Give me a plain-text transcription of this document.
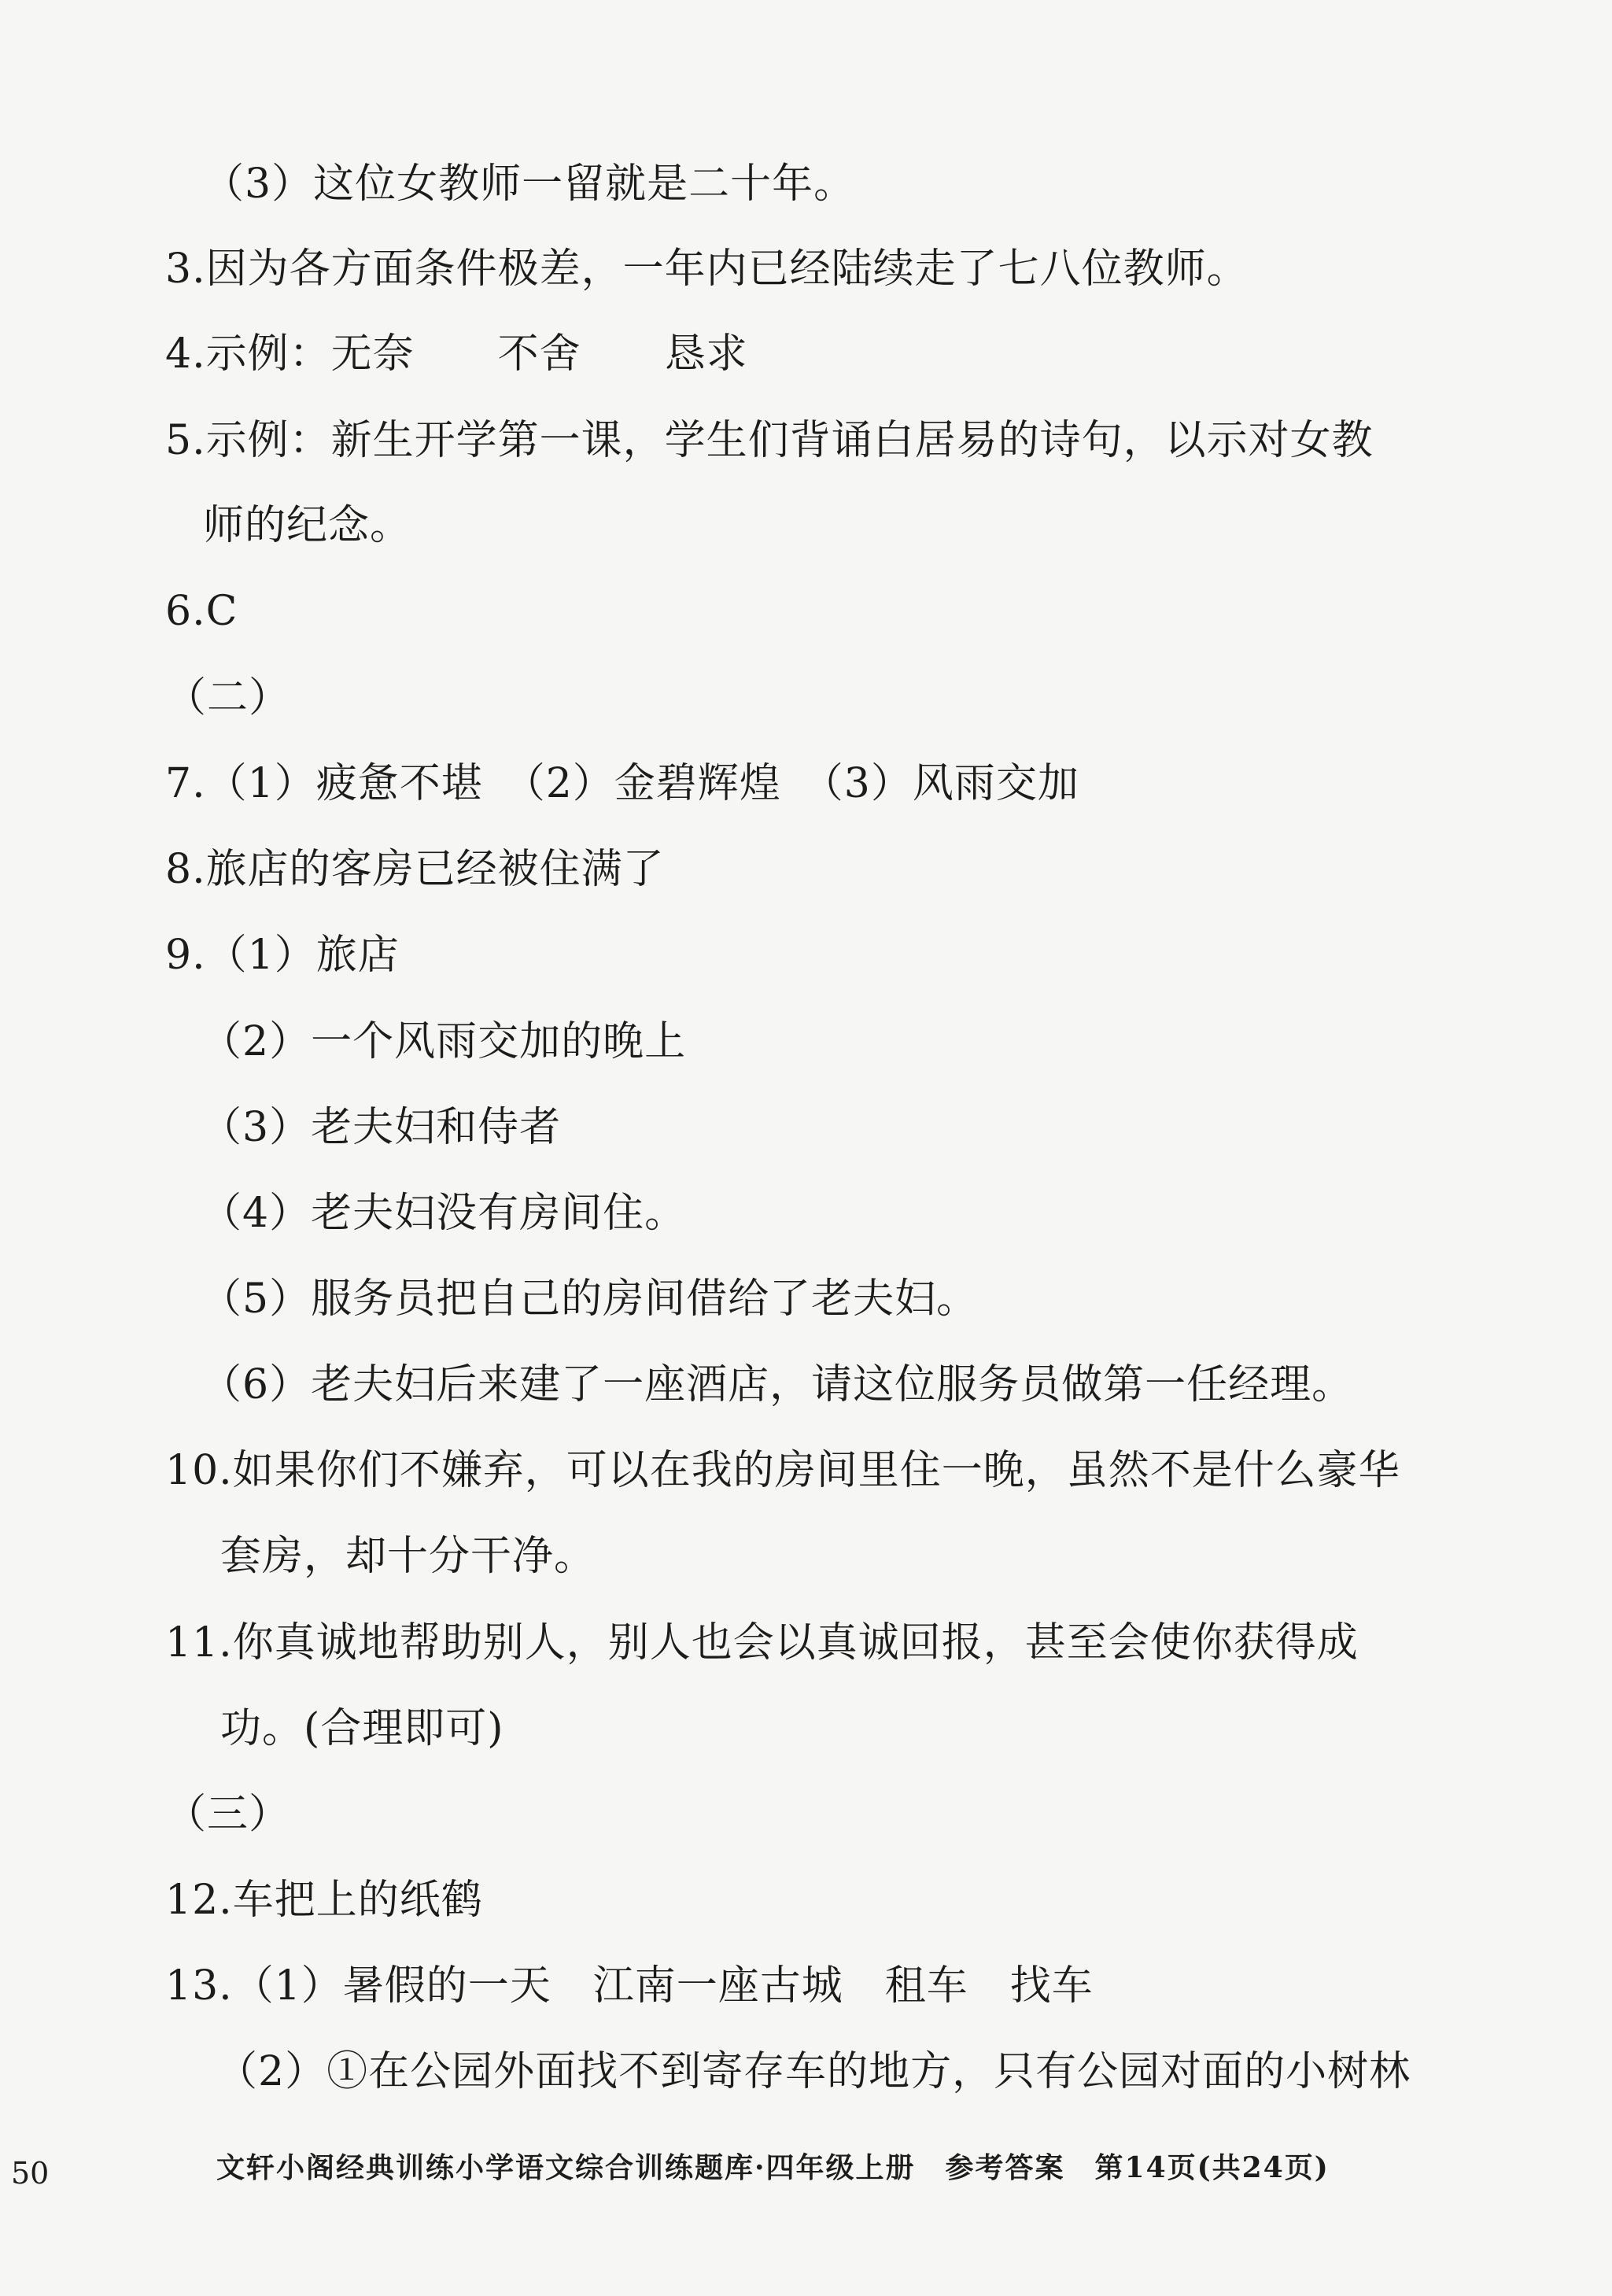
（3）这位女教师一留就是二十年。
3.因为各方面条件极差，一年内已经陆续走了七八位教师。
4.示例：无奈　　不舍　　恳求
5.示例：新生开学第一课，学生们背诵白居易的诗句，以示对女教
师的纪念。
6.C
（二）
7.（1）疲惫不堪　（2）金碧辉煌　（3）风雨交加
8.旅店的客房已经被住满了
9.（1）旅店
（2）一个风雨交加的晚上
（3）老夫妇和侍者
（4）老夫妇没有房间住。
（5）服务员把自己的房间借给了老夫妇。
（6）老夫妇后来建了一座酒店，请这位服务员做第一任经理。
10.如果你们不嫌弃，可以在我的房间里住一晚，虽然不是什么豪华
套房，却十分干净。
11.你真诚地帮助别人，别人也会以真诚回报，甚至会使你获得成
功。(合理即可)
（三）
12.车把上的纸鹤
13.（1）暑假的一天　江南一座古城　租车　找车
（2）①在公园外面找不到寄存车的地方，只有公园对面的小树林
50	文轩小阁经典训练小学语文综合训练题库·四年级上册　参考答案　第14页(共24页)
